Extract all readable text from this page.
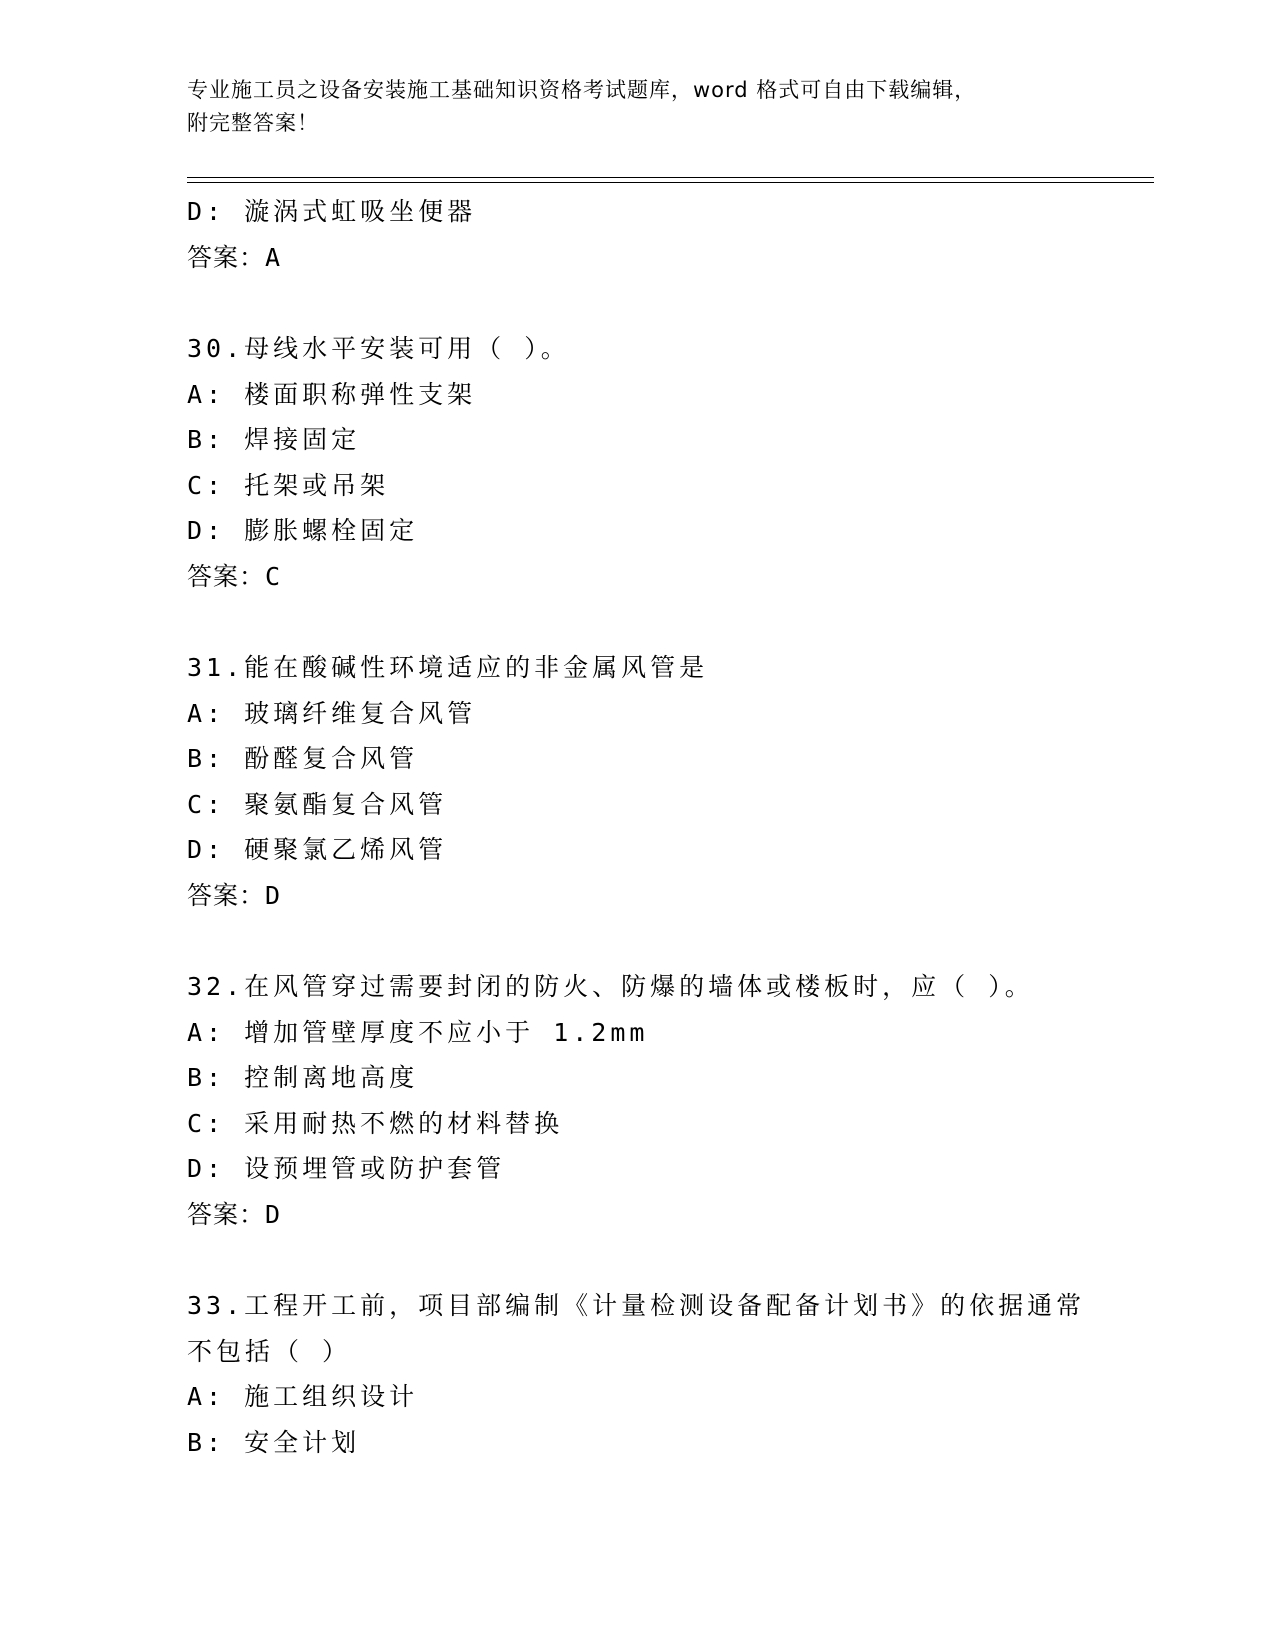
专业施工员之设备安装施工基础知识资格考试题库，word 格式可自由下载编辑，
附完整答案！
D: 漩涡式虹吸坐便器
答案：A
30.母线水平安装可用（ ）。
A: 楼面职称弹性支架
B: 焊接固定
C: 托架或吊架
D: 膨胀螺栓固定
答案：C
31.能在酸碱性环境适应的非金属风管是
A: 玻璃纤维复合风管
B: 酚醛复合风管
C: 聚氨酯复合风管
D: 硬聚氯乙烯风管
答案：D
32.在风管穿过需要封闭的防火、防爆的墙体或楼板时，应（ ）。
A: 增加管壁厚度不应小于 1.2mm
B: 控制离地高度
C: 采用耐热不燃的材料替换
D: 设预埋管或防护套管
答案：D
33.工程开工前，项目部编制《计量检测设备配备计划书》的依据通常
不包括（ ）
A: 施工组织设计
B: 安全计划
